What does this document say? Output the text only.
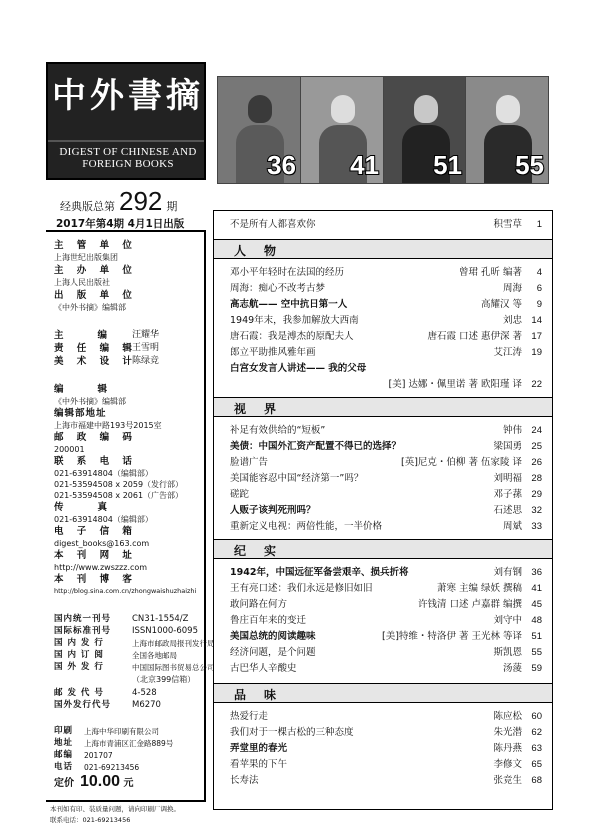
中外書摘
DIGEST OF CHINESE AND FOREIGN BOOKS
经典版总第 292 期
2017年第4期 4月1日出版
主 管 单 位
上海世纪出版集团
主 办 单 位
上海人民出版社
出 版 单 位
《中外书摘》编辑部
主　　编 汪耀华
责 任 编 辑
王雪明
美 术 设 计
陈绿竞
编　　辑
《中外书摘》编辑部
编辑部地址
上海市福建中路193号2015室
邮 政 编 码
200001
联 系 电 话
021-63914804（编辑部）
021-53594508 x 2059（发行部）
021-53594508 x 2061（广告部）
传　　真
021-63914804（编辑部）
电 子 信 箱
digest_books@163.com
本 刊 网 址
http://www.zwszzz.com
本 刊 博 客
http://blog.sina.com.cn/zhongwaishuzhaizhi
国内统一刊号 CN31-1554/Z
国际标准刊号 ISSN1000-6095
国 内 发 行	上海市邮政局报刊发行局
国 内 订 阅	全国各地邮局
国 外 发 行	中国国际图书贸易总公司
（北京399信箱）
邮 发 代 号	4-528
国外发行代号 M6270
印刷 上海中华印刷有限公司
地址 上海市青浦区汇金路889号
邮编 201707
电话 021-69213456
定价 10.00 元
本刊如有印、装质量问题，请向印刷厂调换。
联系电话：021-69213456
36 41 51 55
不是所有人都喜欢你	积雪草	1
人物
邓小平年轻时在法国的经历	曾珺 孔昕 编著	4
周海：痴心不改考古梦	周海	6
高志航—— 空中抗日第一人	高耀汉 等	9
1949年末，我参加解放大西南	刘忠 14
唐石霞：我是溥杰的原配夫人	唐石霞 口述 惠伊深 著 17
郎立平助推风雅年画	艾江涛 19
白宫女发言人讲述—— 我的父母
[美] 达娜・佩里诺 著 欧阳瑾 译 22
视界
补足有效供给的“短板”	钟伟 24
美债：中国外汇资产配置不得已的选择？	梁国勇 25
脸谱广告	[英]尼克・伯柳 著 伍家陵 译 26
美国能容忍中国“经济第一”吗？	刘明福 28
磋跎	邓子蓀 29
人贩子该判死刑吗？	石述思 32
重新定义电视：两倍性能，一半价格	周斌 33
纪实
1942年，中国远征军备尝艰辛、损兵折将	刘有钢 36
王有亮口述：我们永远是修旧如旧	萧寒 主编 绿妖 撰稿 41
敢问路在何方	许钱清 口述 卢嘉群 编撰 45
鲁庄百年来的变迁	刘守中 48
美国总统的阅读趣味	[美]特维・特洛伊 著 王光林 等译 51
经济问题，是个问题	斯凯恩 55
古巴华人辛酸史	汤蔆 59
品味
热爱行走	陈应松 60
我们对于一棵古松的三种态度	朱光潜 62
弄堂里的春光	陈丹燕 63
看苹果的下午	李修文 65
长寿法	张竞生 68
